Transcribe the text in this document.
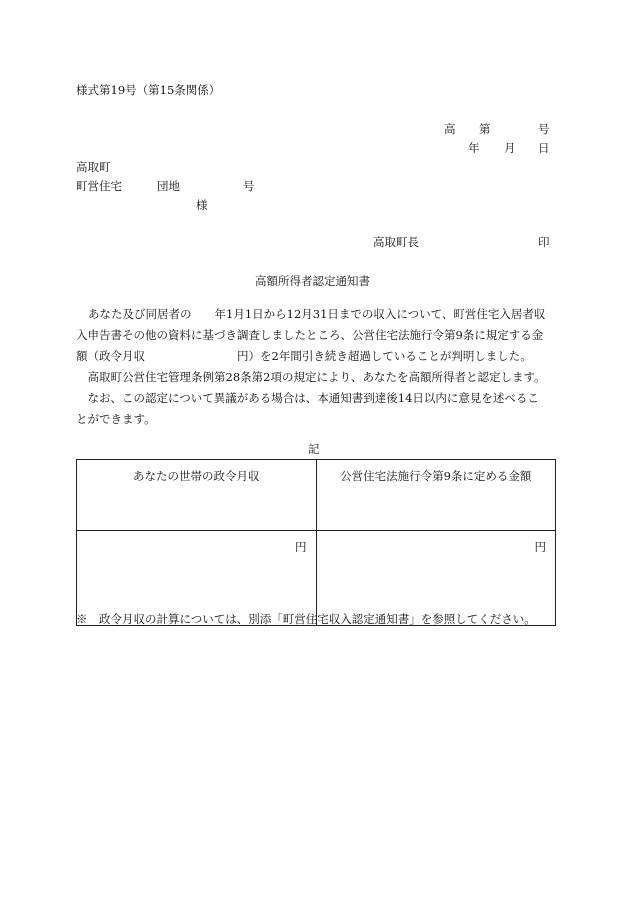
様式第19号（第15条関係）
高 第	号
年 月 日
高取町
町営住宅	団地	号
様
高取町長	印
高額所得者認定通知書

あなた及び同居者の　　年1月1日から12月31日までの収入について、町営住宅入居者収

入申告書その他の資料に基づき調査しましたところ、公営住宅法施行令第9条に規定する金

額（政令月収　　　　　　　　円）を2年間引き続き超過していることが判明しました。

　高取町公営住宅管理条例第28条第2項の規定により、あなたを高額所得者と認定します。

　なお、この認定について異議がある場合は、本通知書到達後14日以内に意見を述べるこ

とができます。

記
あなたの世帯の政令月収	公営住宅法施行令第9条に定める金額
円	円
※　政令月収の計算については、別添「町営住宅収入認定通知書」を参照してください。
